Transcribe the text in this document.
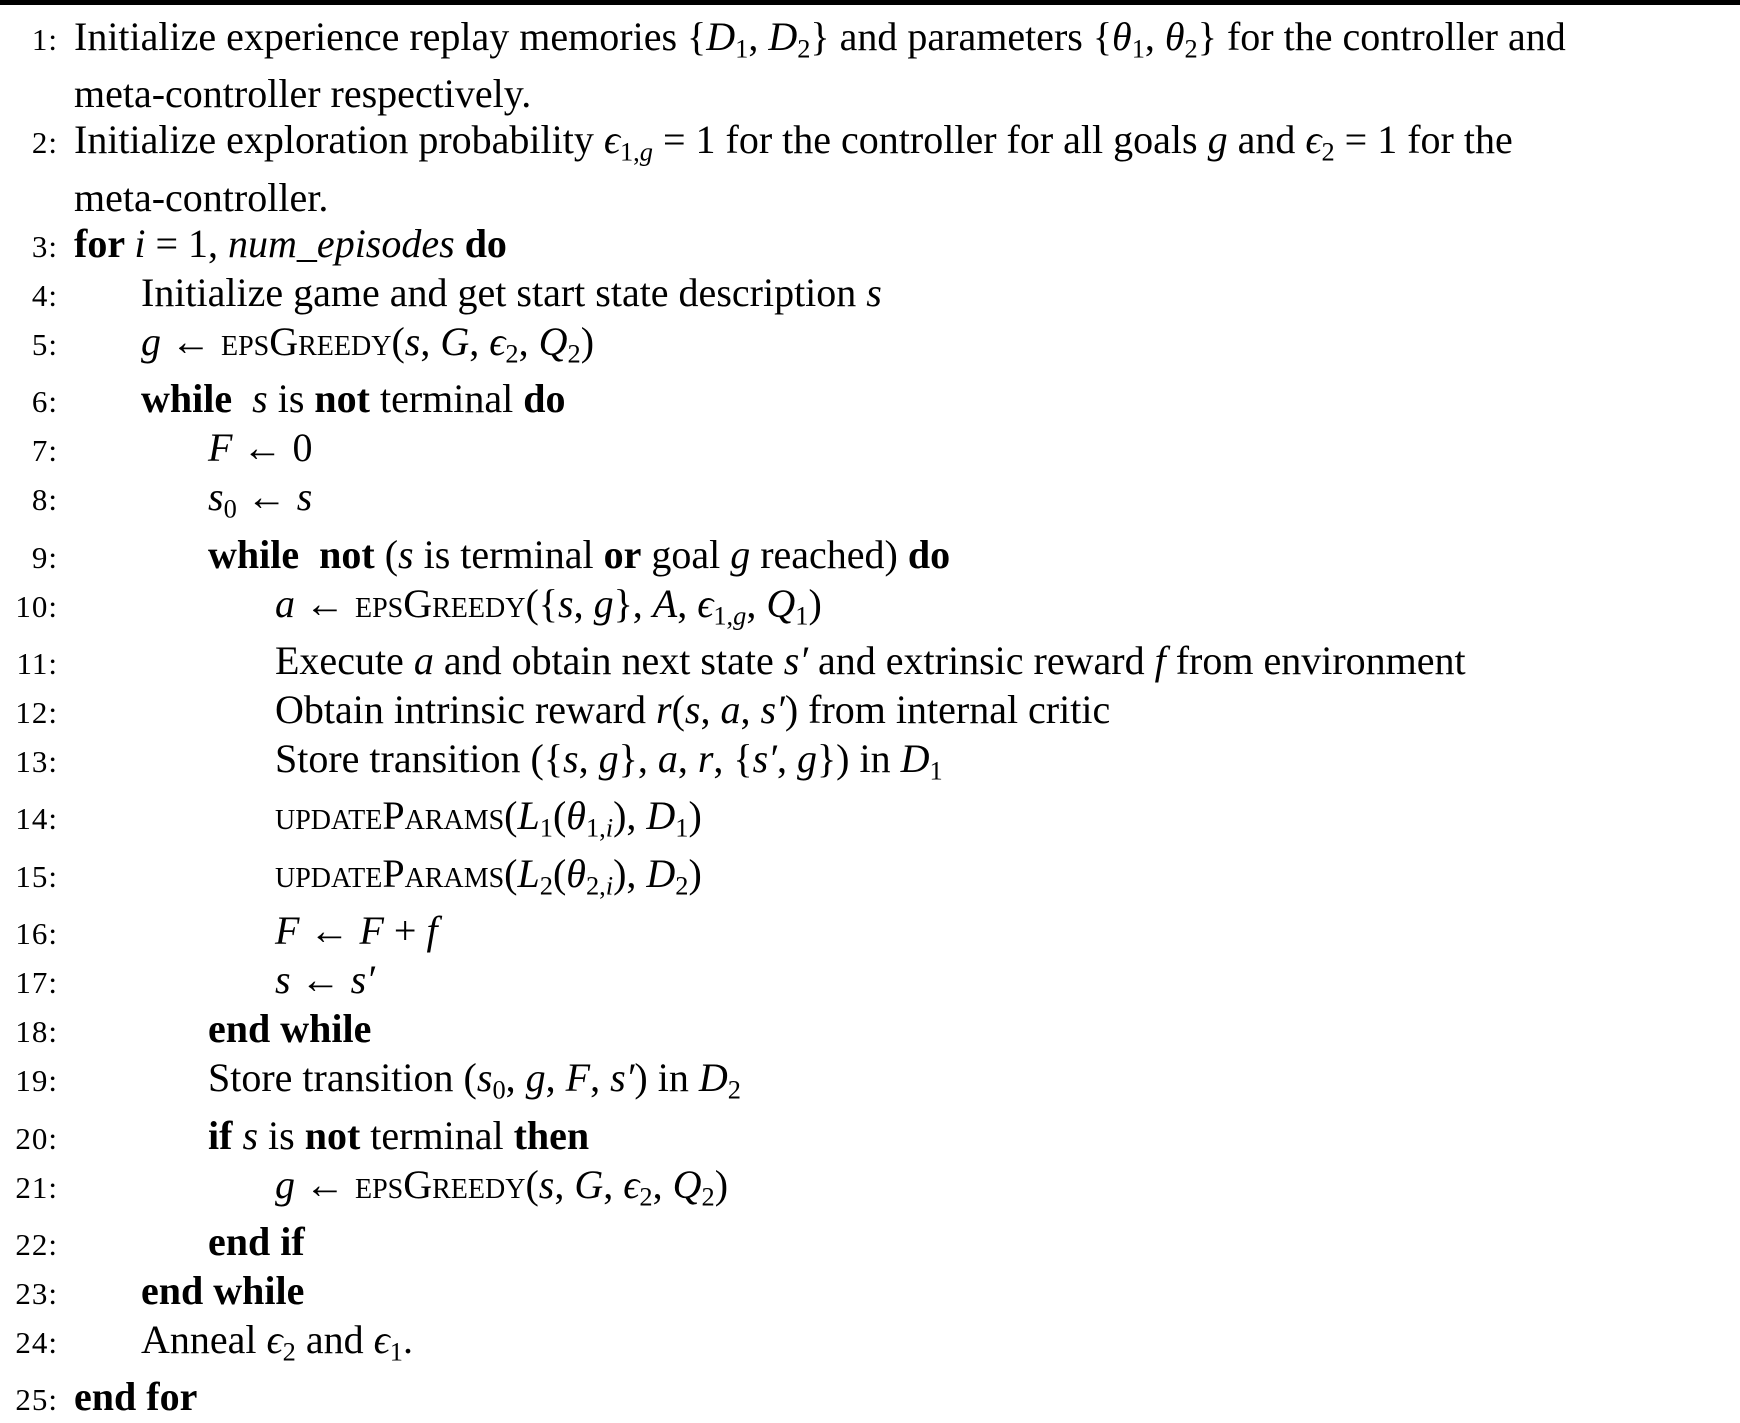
1: Initialize experience replay memories {$D_1$, $D_2$} and parameters {$\theta_1$, $\theta_2$} for the controller and
meta-controller respectively.
2: Initialize exploration probability $\epsilon_{1,}g = 1$ for the controller for all goals g and $\epsilon_2 = 1$ for the
meta-controller.
3: for i = 1, num_episodes do
4: Initialize game and get start state description s
5: g ← epsGreedy(s, G, $\epsilon_2$, $Q_2$)
6: while s is not terminal do
7:	F ← 0
8:	$s_0$ ← s
9:	while not (s is terminal or goal g reached) do
10:	a ← epsGreedy({s, g}, A, $\epsilon_{1,}g$, $Q_1$)
11:	Execute a and obtain next state s′ and extrinsic reward f from environment
12:	Obtain intrinsic reward r(s, a, s′) from internal critic
13:	Store transition ({s, g}, a, r, {s′, g}) in $D_1$
14:	$updateParams(L_1(\theta_{1,}i)$, $D_1$)
15:	$updateParams(L_2(\theta_{2,}i)$, $D_2$)
16:	F ← F + f
17:	s ← s′
18:	end while
19:	Store transition ($s_0$, g, F, s′) in $D_2$
20:	if s is not terminal then
21:	g ← epsGreedy(s, G, $\epsilon_2$, $Q_2$)
22:	end if
23: end while
24: Anneal $\epsilon_2$ and $\epsilon_1$.
25: end for
